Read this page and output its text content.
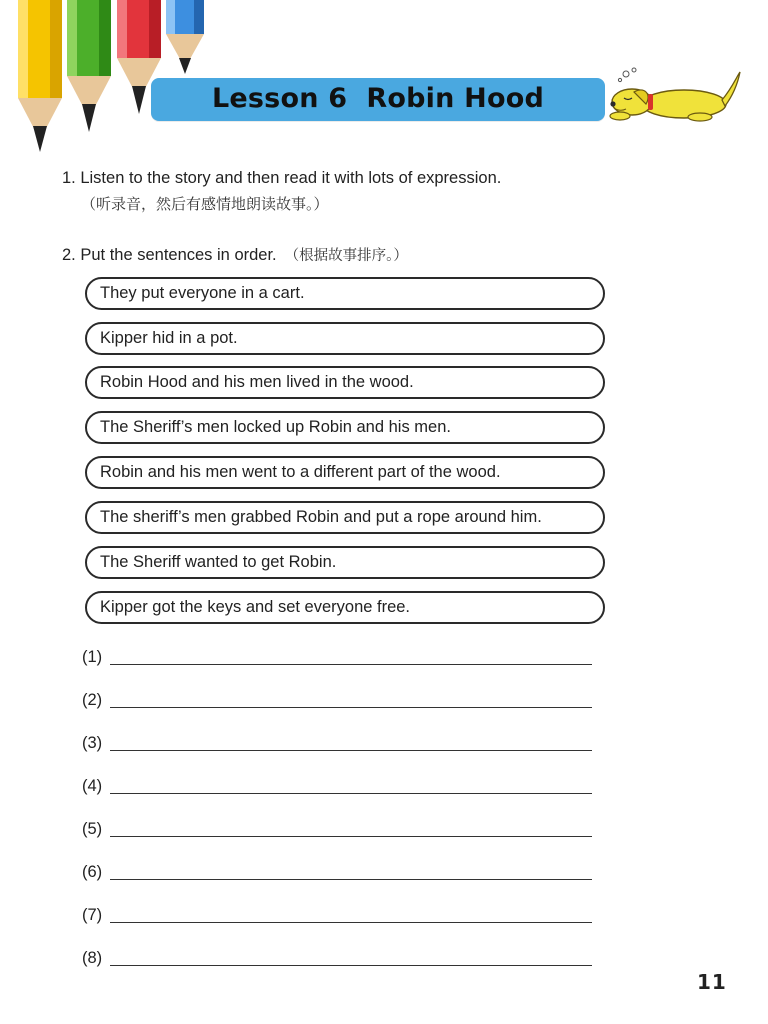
Lesson 6  Robin Hood
1. Listen to the story and then read it with lots of expression.
（听录音，然后有感情地朗读故事。）
2. Put the sentences in order. （根据故事排序。）
They put everyone in a cart.
Kipper hid in a pot.
Robin Hood and his men lived in the wood.
The Sheriff’s men locked up Robin and his men.
Robin and his men went to a different part of the wood.
The sheriff’s men grabbed Robin and put a rope around him.
The Sheriff wanted to get Robin.
Kipper got the keys and set everyone free.
(1)
(2)
(3)
(4)
(5)
(6)
(7)
(8)
11
